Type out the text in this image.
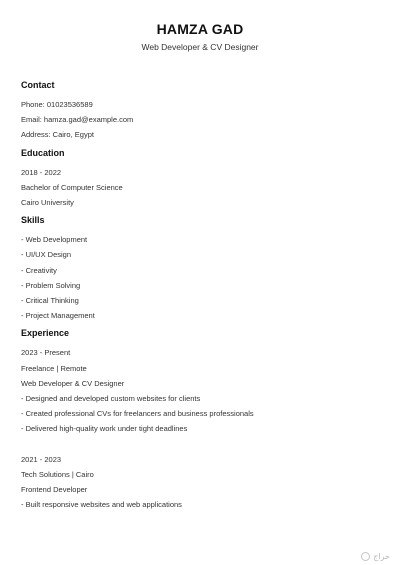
HAMZA GAD
Web Developer & CV Designer
Contact
Phone: 01023536589
Email: hamza.gad@example.com
Address: Cairo, Egypt
Education
2018 - 2022
Bachelor of Computer Science
Cairo University
Skills
- Web Development
- UI/UX Design
- Creativity
- Problem Solving
- Critical Thinking
- Project Management
Experience
2023 - Present
Freelance | Remote
Web Developer & CV Designer
- Designed and developed custom websites for clients
- Created professional CVs for freelancers and business professionals
- Delivered high-quality work under tight deadlines
2021 - 2023
Tech Solutions | Cairo
Frontend Developer
- Built responsive websites and web applications
حراج
